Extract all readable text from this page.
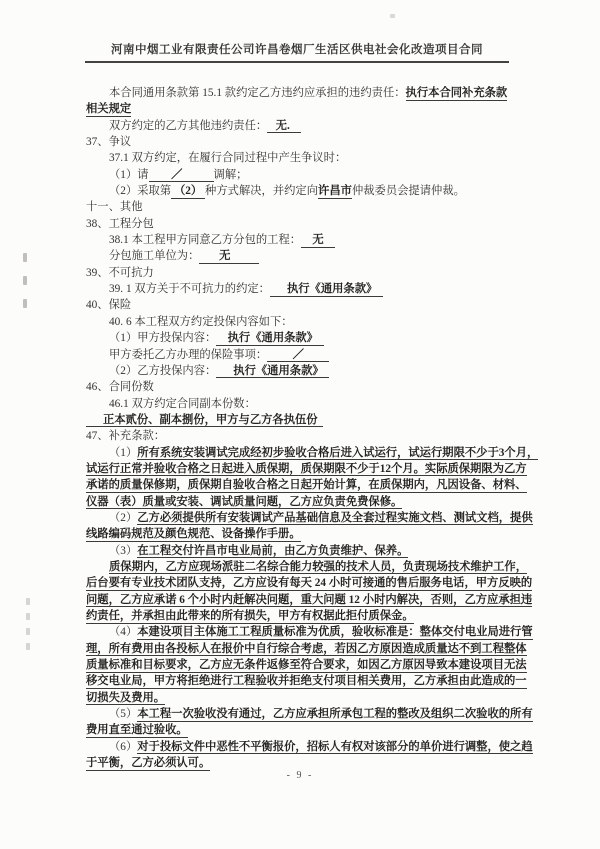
河南中烟工业有限责任公司许昌卷烟厂生活区供电社会化改造项目合同
本合同通用条款第 15.1 款约定乙方违约应承担的违约责任：执行本合同补充条款
相关规定
双方约定的乙方其他违约责任： 无.
37、争议
37.1 双方约定，在履行合同过程中产生争议时：
（1）请 ／	调解；
（2）采取第 （2） 种方式解决，并约定向许昌市仲裁委员会提请仲裁。
十一、其他
38、工程分包
38.1 本工程甲方同意乙方分包的工程： 无
分包施工单位为： 无
39、不可抗力
39. 1 双方关于不可抗力的约定： 执行《通用条款》
40、保险
40. 6 本工程双方约定投保内容如下：
（1）甲方投保内容： 执行《通用条款》
甲方委托乙方办理的保险事项： ／
（2）乙方投保内容： 执行《通用条款》
46、合同份数
46.1 双方约定合同副本份数：
正本贰份、副本捌份，甲方与乙方各执伍份
47、补充条款：
（1）所有系统安装调试完成经初步验收合格后进入试运行，试运行期限不少于3个月，
试运行正常并验收合格之日起进入质保期，质保期限不少于12个月。实际质保期限为乙方
承诺的质量保修期，质保期自验收合格之日起开始计算，在质保期内，凡因设备、材料、
仪器（表）质量或安装、调试质量问题，乙方应负责免费保修。
（2）乙方必须提供所有安装调试产品基础信息及全套过程实施文档、测试文档，提供
线路编码规范及颜色规范、设备操作手册。
（3）在工程交付许昌市电业局前，由乙方负责维护、保养。
质保期内，乙方应现场派驻二名综合能力较强的技术人员，负责现场技术维护工作，
后台要有专业技术团队支持，乙方应设有每天 24 小时可接通的售后服务电话，甲方反映的
问题，乙方应承诺 6 个小时内赶解决问题，重大问题 12 小时内解决，否则，乙方应承担违
约责任，并承担由此带来的所有损失，甲方有权据此拒付质保金。
（4）本建设项目主体施工工程质量标准为优质，验收标准是：整体交付电业局进行管
理，所有费用由各投标人在报价中自行综合考虑，若因乙方原因造成质量达不到工程整体
质量标准和目标要求，乙方应无条件返修至符合要求，如因乙方原因导致本建设项目无法
移交电业局，甲方将拒绝进行工程验收并拒绝支付项目相关费用，乙方承担由此造成的一
切损失及费用。
（5）本工程一次验收没有通过，乙方应承担所承包工程的整改及组织二次验收的所有
费用直至通过验收。
（6）对于投标文件中恶性不平衡报价，招标人有权对该部分的单价进行调整，使之趋
于平衡，乙方必须认可。
- 9 -
